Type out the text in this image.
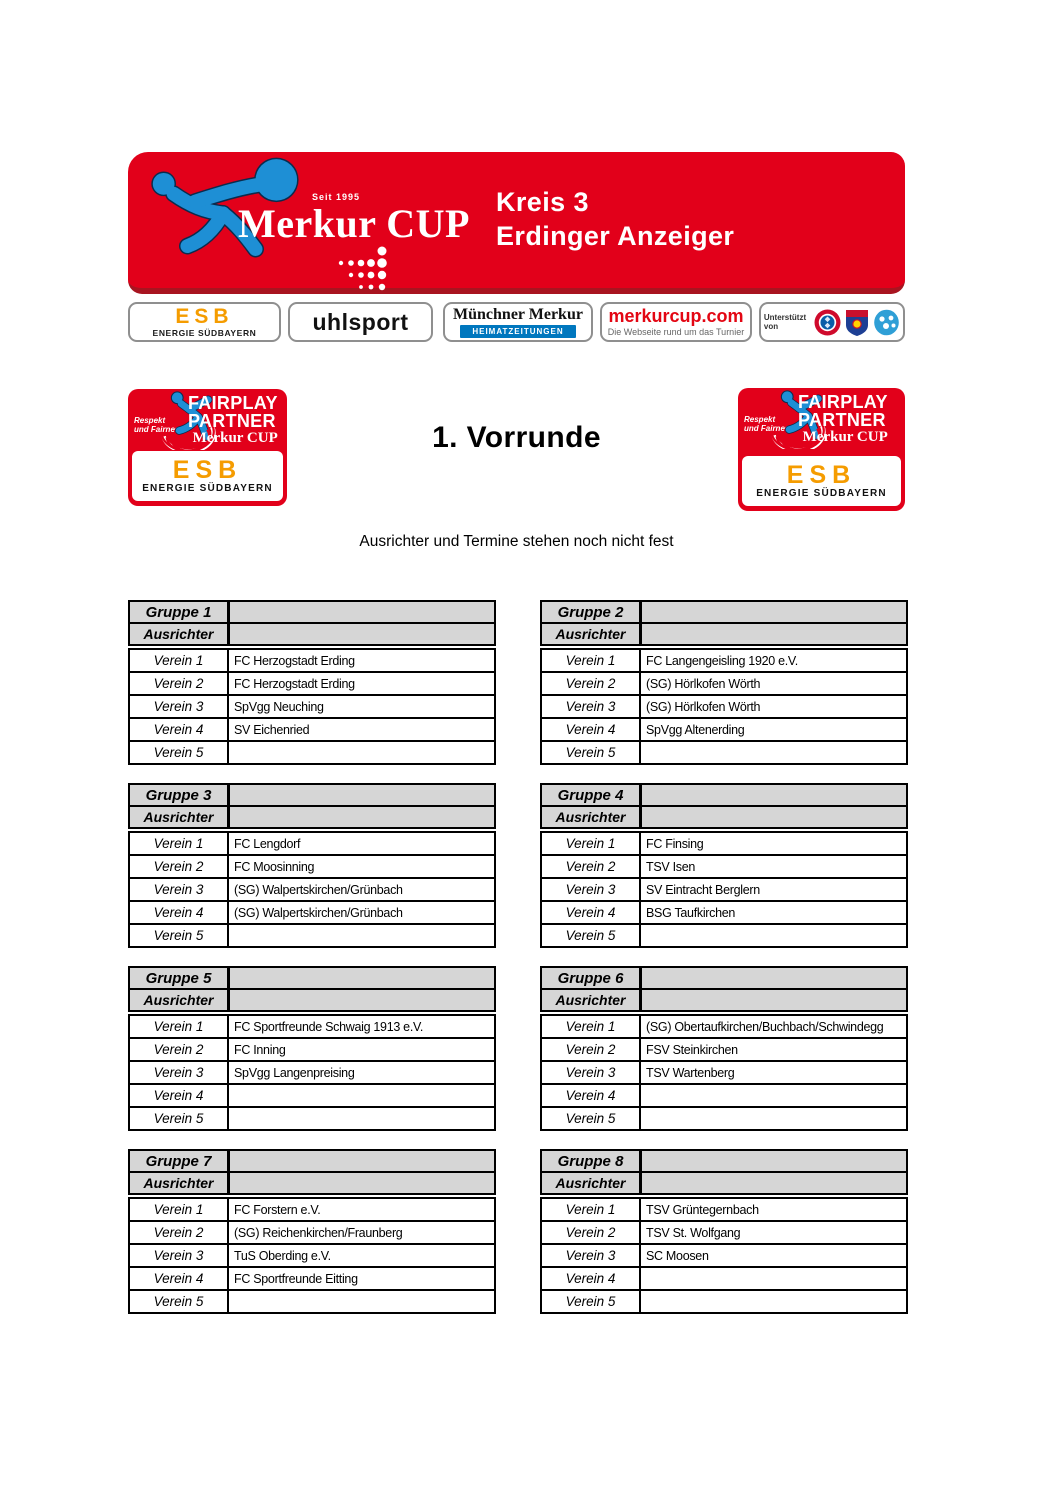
Seit 1995
Merkur CUP Kreis 3
Erdinger Anzeiger
ESB
ENERGIE SÜDBAYERN uhlsport	Münchner Merkur
HEIMATZEITUNGEN
merkurcup.com
Die Webseite rund um das Turnier
Unterstützt
von
Respekt
und Fairness
FAIRPLAY
PARTNER
Merkur CUP
ESB
ENERGIE SÜDBAYERN
Respekt
und Fairness
FAIRPLAY
PARTNER
Merkur CUP
ESB
ENERGIE SÜDBAYERN
1. Vorrunde
Ausrichter und Termine stehen noch nicht fest
Gruppe 1
Ausrichter
Verein 1	FC Herzogstadt Erding
Verein 2	FC Herzogstadt Erding
Verein 3	SpVgg Neuching
Verein 4	SV Eichenried
Verein 5
Gruppe 2
Ausrichter
Verein 1	FC Langengeisling 1920 e.V.
Verein 2	(SG) Hörlkofen Wörth
Verein 3	(SG) Hörlkofen Wörth
Verein 4	SpVgg Altenerding
Verein 5
Gruppe 3
Ausrichter
Verein 1	FC Lengdorf
Verein 2	FC Moosinning
Verein 3	(SG) Walpertskirchen/Grünbach
Verein 4	(SG) Walpertskirchen/Grünbach
Verein 5
Gruppe 4
Ausrichter
Verein 1	FC Finsing
Verein 2	TSV Isen
Verein 3	SV Eintracht Berglern
Verein 4	BSG Taufkirchen
Verein 5
Gruppe 5
Ausrichter
Verein 1	FC Sportfreunde Schwaig 1913 e.V.
Verein 2	FC Inning
Verein 3	SpVgg Langenpreising
Verein 4
Verein 5
Gruppe 6
Ausrichter
Verein 1	(SG) Obertaufkirchen/Buchbach/Schwindegg
Verein 2	FSV Steinkirchen
Verein 3	TSV Wartenberg
Verein 4
Verein 5
Gruppe 7
Ausrichter
Verein 1	FC Forstern e.V.
Verein 2	(SG) Reichenkirchen/Fraunberg
Verein 3	TuS Oberding e.V.
Verein 4	FC Sportfreunde Eitting
Verein 5
Gruppe 8
Ausrichter
Verein 1	TSV Grüntegernbach
Verein 2	TSV St. Wolfgang
Verein 3	SC Moosen
Verein 4
Verein 5
